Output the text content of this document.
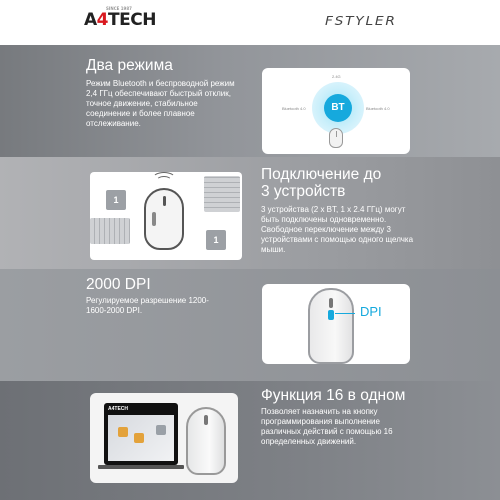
A4TECH
SINCE 1987
FSTYLER
Два режима
Режим Bluetooth и беспроводной режим 2,4 ГГц обеспечивают быстрый отклик, точное движение, стабильное соединение и более плавное отслеживание.
BT
2.4G
Bluetooth 4.0	Bluetooth 4.0
1
1
Подключение до
3 устройств
3 устройства (2 x BT, 1 x 2.4 ГГц) могут быть подключены одновременно. Свободное переключение между 3 устройствами с помощью одного щелчка мыши.
2000 DPI
Регулируемое разрешение 1200-1600-2000 DPI.	DPI
A4TECH
Функция 16 в одном
Позволяет назначить на кнопку программирования выполнение различных действий с помощью 16 определенных движений.
